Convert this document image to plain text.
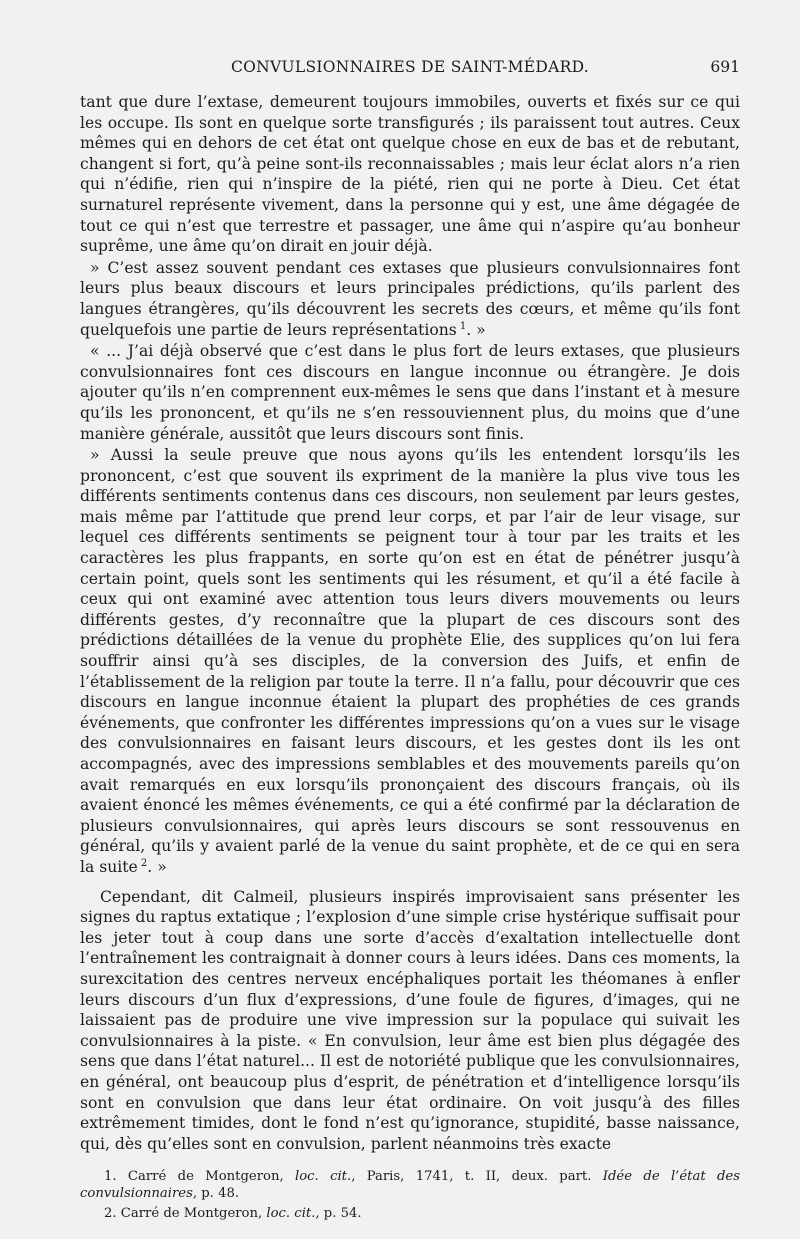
CONVULSIONNAIRES DE SAINT-MÉDARD.	691

tant que dure l’extase, demeurent toujours immobiles, ouverts et fixés sur ce qui les occupe. Ils sont en quelque sorte transfigurés ; ils paraissent tout autres. Ceux mêmes qui en dehors de cet état ont quelque chose en eux de bas et de rebutant, changent si fort, qu’à peine sont-ils reconnaissables ; mais leur éclat alors n’a rien qui n’édifie, rien qui n’inspire de la piété, rien qui ne porte à Dieu. Cet état surnaturel représente vivement, dans la personne qui y est, une âme dégagée de tout ce qui n’est que terrestre et passager, une âme qui n’aspire qu’au bonheur suprême, une âme qu’on dirait en jouir déjà.

» C’est assez souvent pendant ces extases que plusieurs convulsionnaires font leurs plus beaux discours et leurs principales prédictions, qu’ils parlent des langues étrangères, qu’ils découvrent les secrets des cœurs, et même qu’ils font quelquefois une partie de leurs représentations  $^1$. »

« ... J’ai déjà observé que c’est dans le plus fort de leurs extases, que plusieurs convulsionnaires font ces discours en langue inconnue ou étrangère. Je dois ajouter qu’ils n’en comprennent eux-mêmes le sens que dans l’instant et à mesure qu’ils les prononcent, et qu’ils ne s’en ressouviennent plus, du moins que d’une manière générale, aussitôt que leurs discours sont finis.

» Aussi la seule preuve que nous ayons qu’ils les entendent lorsqu’ils les prononcent, c’est que souvent ils expriment de la manière la plus vive tous les différents sentiments contenus dans ces discours, non seulement par leurs gestes, mais même par l’attitude que prend leur corps, et par l’air de leur visage, sur lequel ces différents sentiments se peignent tour à tour par les traits et les caractères les plus frappants, en sorte qu’on est en état de pénétrer jusqu’à certain point, quels sont les sentiments qui les résument, et qu’il a été facile à ceux qui ont examiné avec attention tous leurs divers mouvements ou leurs différents gestes, d’y reconnaître que la plupart de ces discours sont des prédictions détaillées de la venue du prophète Elie, des supplices qu’on lui fera souffrir ainsi qu’à ses disciples, de la conversion des Juifs, et enfin de l’établissement de la religion par toute la terre. Il n’a fallu, pour découvrir que ces discours en langue inconnue étaient la plupart des prophéties de ces grands événements, que confronter les différentes impressions qu’on a vues sur le visage des convulsionnaires en faisant leurs discours, et les gestes dont ils les ont accompagnés, avec des impressions semblables et des mouvements pareils qu’on avait remarqués en eux lorsqu’ils prononçaient des discours français, où ils avaient énoncé les mêmes événements, ce qui a été confirmé par la déclaration de plusieurs convulsionnaires, qui après leurs discours se sont ressouvenus en général, qu’ils y avaient parlé de la venue du saint prophète, et de ce qui en sera la suite  $^2$. »

Cependant, dit Calmeil, plusieurs inspirés improvisaient sans présenter les signes du raptus extatique ; l’explosion d’une simple crise hystérique suffisait pour les jeter tout à coup dans une sorte d’accès d’exaltation intellectuelle dont l’entraînement les contraignait à donner cours à leurs idées. Dans ces moments, la surexcitation des centres nerveux encéphaliques portait les théomanes à enfler leurs discours d’un flux d’expressions, d’une foule de figures, d’images, qui ne laissaient pas de produire une vive impression sur la populace qui suivait les convulsionnaires à la piste. « En convulsion, leur âme est bien plus dégagée des sens que dans l’état naturel... Il est de notoriété publique que les convulsionnaires, en général, ont beaucoup plus d’esprit, de pénétration et d’intelligence lorsqu’ils sont en convulsion que dans leur état ordinaire. On voit jusqu’à des filles extrêmement timides, dont le fond n’est qu’ignorance, stupidité, basse naissance, qui, dès qu’elles sont en convulsion, parlent néanmoins très exacte

1. Carré de Montgeron, loc. cit., Paris, 1741, t. II, deux. part. Idée de l’état des convulsionnaires, p. 48.

2. Carré de Montgeron, loc. cit., p. 54.
